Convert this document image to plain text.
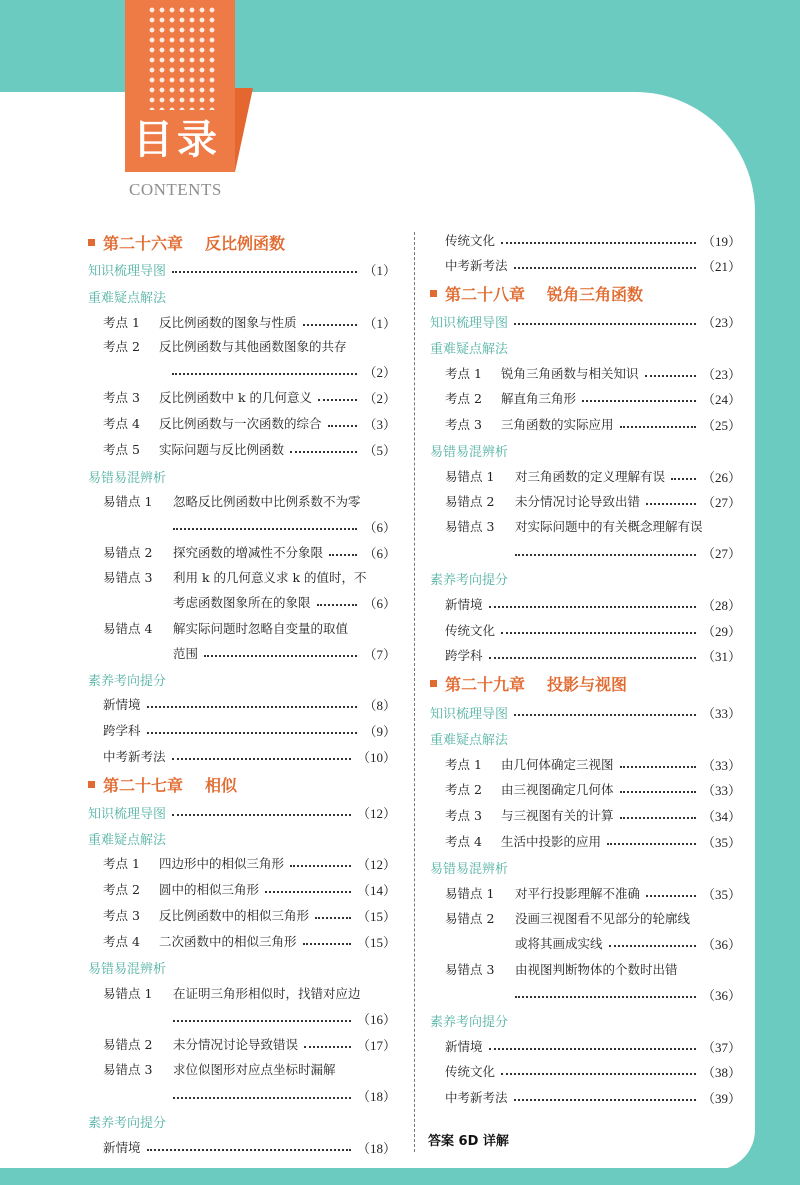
目录
CONTENTS
第二十六章 反比例函数
知识梳理导图	（1）
重难疑点解法
考点 1	反比例函数的图象与性质	（1）
考点 2	反比例函数与其他函数图象的共存
（2）
考点 3	反比例函数中 k 的几何意义	（2）
考点 4	反比例函数与一次函数的综合	（3）
考点 5	实际问题与反比例函数	（5）
易错易混辨析
易错点 1	忽略反比例函数中比例系数不为零
（6）
易错点 2	探究函数的增减性不分象限	（6）
易错点 3	利用 k 的几何意义求 k 的值时，不
考虑函数图象所在的象限	（6）
易错点 4	解实际问题时忽略自变量的取值
范围	（7）
素养考向提分
新情境	（8）
跨学科	（9）
中考新考法	（10）
第二十七章 相似
知识梳理导图	（12）
重难疑点解法
考点 1	四边形中的相似三角形	（12）
考点 2	圆中的相似三角形	（14）
考点 3	反比例函数中的相似三角形	（15）
考点 4	二次函数中的相似三角形	（15）
易错易混辨析
易错点 1	在证明三角形相似时，找错对应边
（16）
易错点 2	未分情况讨论导致错误	（17）
易错点 3	求位似图形对应点坐标时漏解
（18）
素养考向提分
新情境	（18）
传统文化	（19）
中考新考法	（21）
第二十八章 锐角三角函数
知识梳理导图	（23）
重难疑点解法
考点 1	锐角三角函数与相关知识	（23）
考点 2	解直角三角形	（24）
考点 3	三角函数的实际应用	（25）
易错易混辨析
易错点 1	对三角函数的定义理解有误	（26）
易错点 2	未分情况讨论导致出错	（27）
易错点 3	对实际问题中的有关概念理解有误
（27）
素养考向提分
新情境	（28）
传统文化	（29）
跨学科	（31）
第二十九章 投影与视图
知识梳理导图	（33）
重难疑点解法
考点 1	由几何体确定三视图	（33）
考点 2	由三视图确定几何体	（33）
考点 3	与三视图有关的计算	（34）
考点 4	生活中投影的应用	（35）
易错易混辨析
易错点 1	对平行投影理解不准确	（35）
易错点 2	没画三视图看不见部分的轮廓线
或将其画成实线	（36）
易错点 3	由视图判断物体的个数时出错
（36）
素养考向提分
新情境	（37）
传统文化	（38）
中考新考法	（39）
答案 6D 详解
